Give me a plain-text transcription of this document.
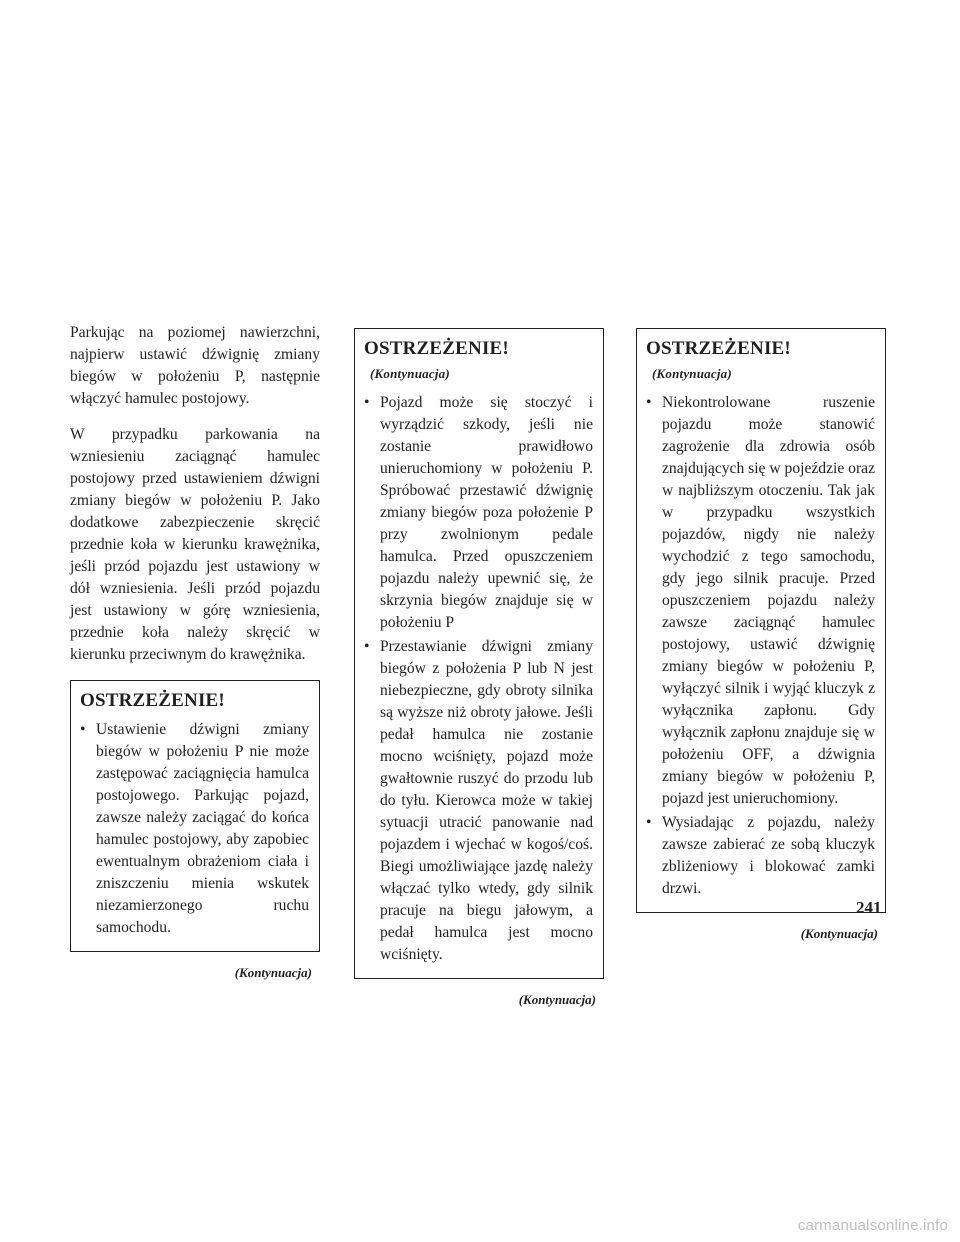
Parkując na poziomej nawierzchni, najpierw ustawić dźwignię zmiany biegów w położeniu P, następnie włączyć hamulec postojowy.

W przypadku parkowania na wzniesieniu zaciągnąć hamulec postojowy przed ustawieniem dźwigni zmiany biegów w położeniu P. Jako dodatkowe zabezpieczenie skręcić przednie koła w kierunku krawężnika, jeśli przód pojazdu jest ustawiony w dół wzniesienia. Jeśli przód pojazdu jest ustawiony w górę wzniesienia, przednie koła należy skręcić w kierunku przeciwnym do krawężnika.

OSTRZEŻENIE!
• Ustawienie dźwigni zmiany biegów w położeniu P nie może zastępować zaciągnięcia hamulca postojowego. Parkując pojazd, zawsze należy zaciągać do końca hamulec postojowy, aby zapobiec ewentualnym obrażeniom ciała i zniszczeniu mienia wskutek niezamierzonego ruchu samochodu.
(Kontynuacja)
OSTRZEŻENIE!(Kontynuacja)
• Pojazd może się stoczyć i wyrządzić szkody, jeśli nie zostanie prawidłowo unieruchomiony w położeniu P. Spróbować przestawić dźwignię zmiany biegów poza położenie P przy zwolnionym pedale hamulca. Przed opuszczeniem pojazdu należy upewnić się, że skrzynia biegów znajduje się w położeniu P
• Przestawianie dźwigni zmiany biegów z położenia P lub N jest niebezpieczne, gdy obroty silnika są wyższe niż obroty jałowe. Jeśli pedał hamulca nie zostanie mocno wciśnięty, pojazd może gwałtownie ruszyć do przodu lub do tyłu. Kierowca może w takiej sytuacji utracić panowanie nad pojazdem i wjechać w kogoś/coś. Biegi umożliwiające jazdę należy włączać tylko wtedy, gdy silnik pracuje na biegu jałowym, a pedał hamulca jest mocno wciśnięty.
(Kontynuacja)
OSTRZEŻENIE!(Kontynuacja)
• Niekontrolowane ruszenie pojazdu może stanowić zagrożenie dla zdrowia osób znajdujących się w pojeździe oraz w najbliższym otoczeniu. Tak jak w przypadku wszystkich pojazdów, nigdy nie należy wychodzić z tego samochodu, gdy jego silnik pracuje. Przed opuszczeniem pojazdu należy zawsze zaciągnąć hamulec postojowy, ustawić dźwignię zmiany biegów w położeniu P, wyłączyć silnik i wyjąć kluczyk z wyłącznika zapłonu. Gdy wyłącznik zapłonu znajduje się w położeniu OFF, a dźwignia zmiany biegów w położeniu P, pojazd jest unieruchomiony.
• Wysiadając z pojazdu, należy zawsze zabierać ze sobą kluczyk zbliżeniowy i blokować zamki drzwi.
(Kontynuacja)
241
carmanualsonline.info
